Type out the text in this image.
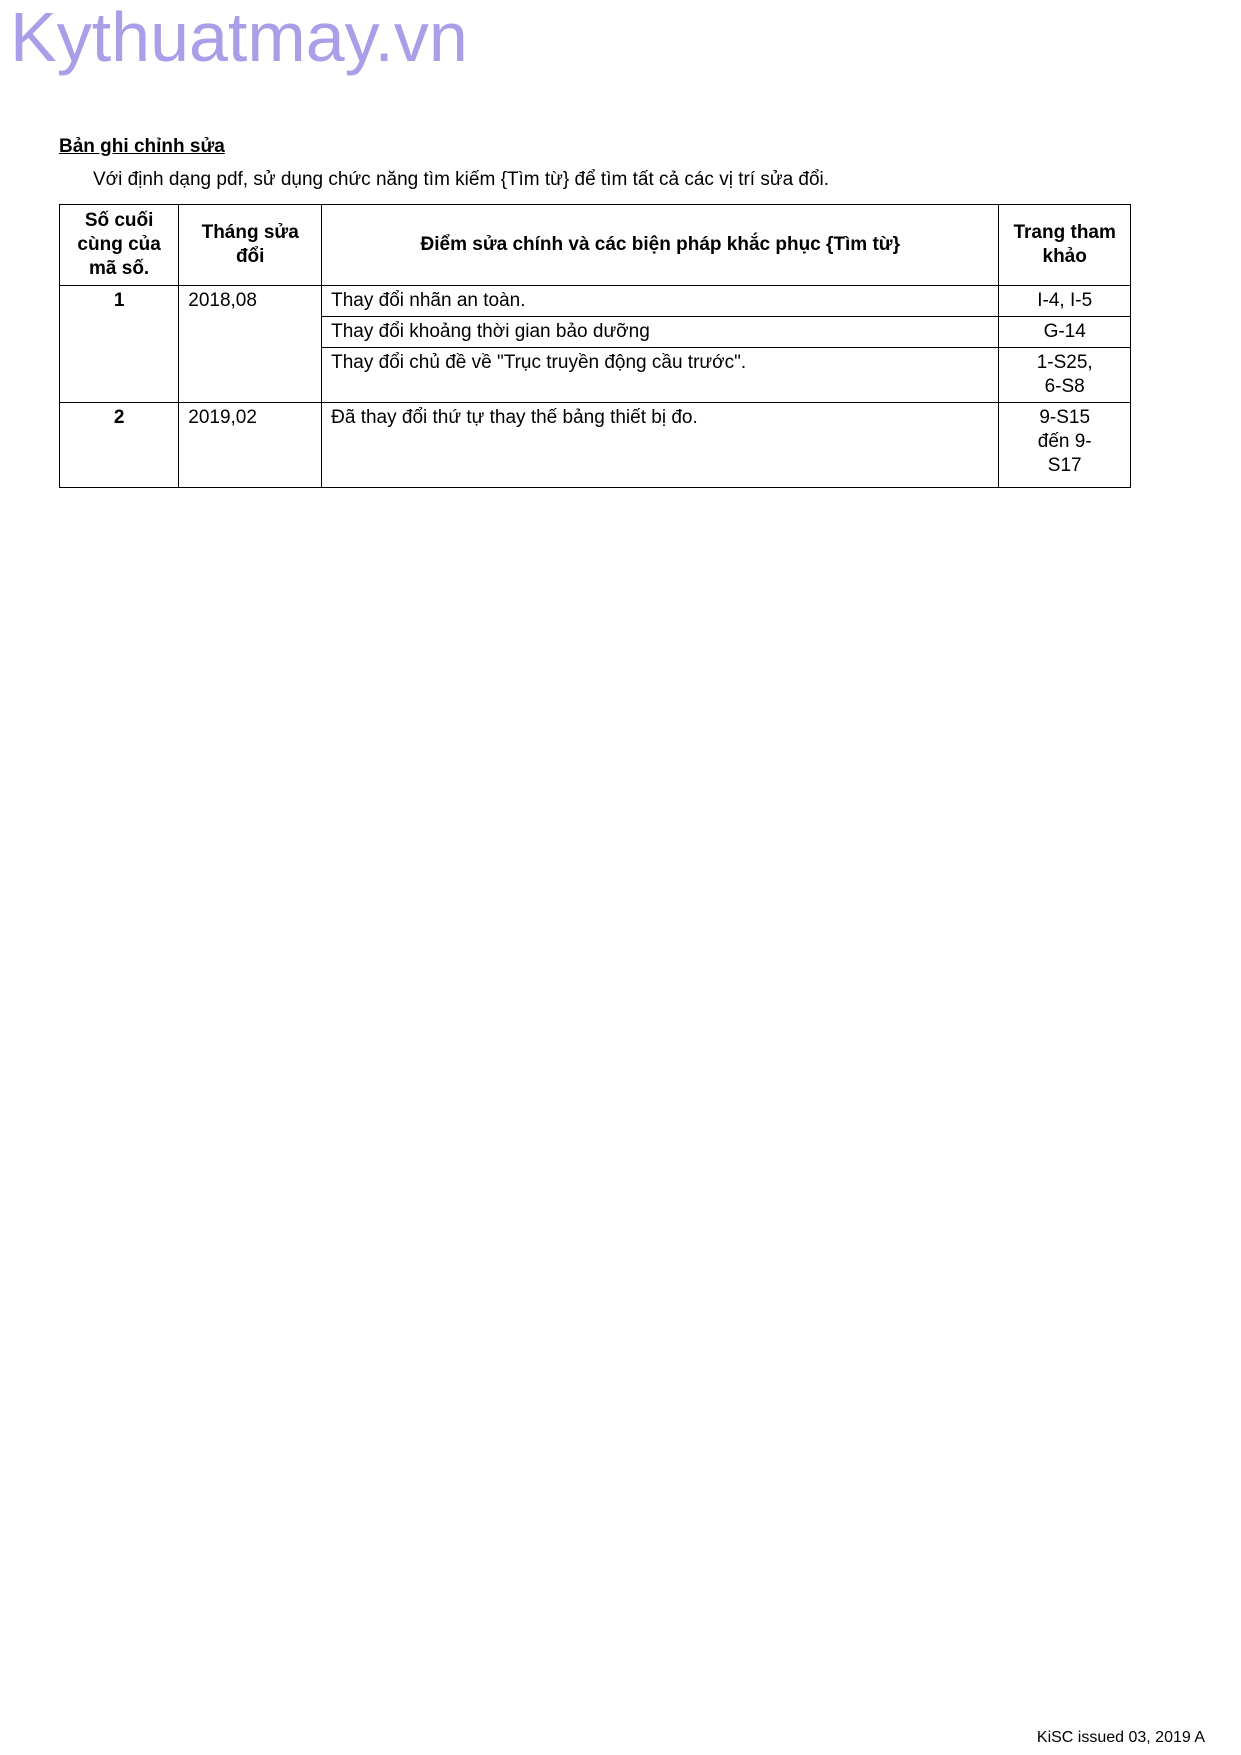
Kythuatmay.vn
Bản ghi chỉnh sửa
Với định dạng pdf, sử dụng chức năng tìm kiếm {Tìm từ} để tìm tất cả các vị trí sửa đổi.
Số cuối cùng của mã số.	Tháng sửa đổi	Điểm sửa chính và các biện pháp khắc phục {Tìm từ}	Trang tham khảo
1	2018,08	Thay đổi nhãn an toàn.	I-4, I-5
		Thay đổi khoảng thời gian bảo dưỡng	G-14
		Thay đổi chủ đề về "Trục truyền động cầu trước".	1-S25, 6-S8
2	2019,02	Đã thay đổi thứ tự thay thế bảng thiết bị đo.	9-S15 đến 9-S17
KiSC issued 03, 2019 A
